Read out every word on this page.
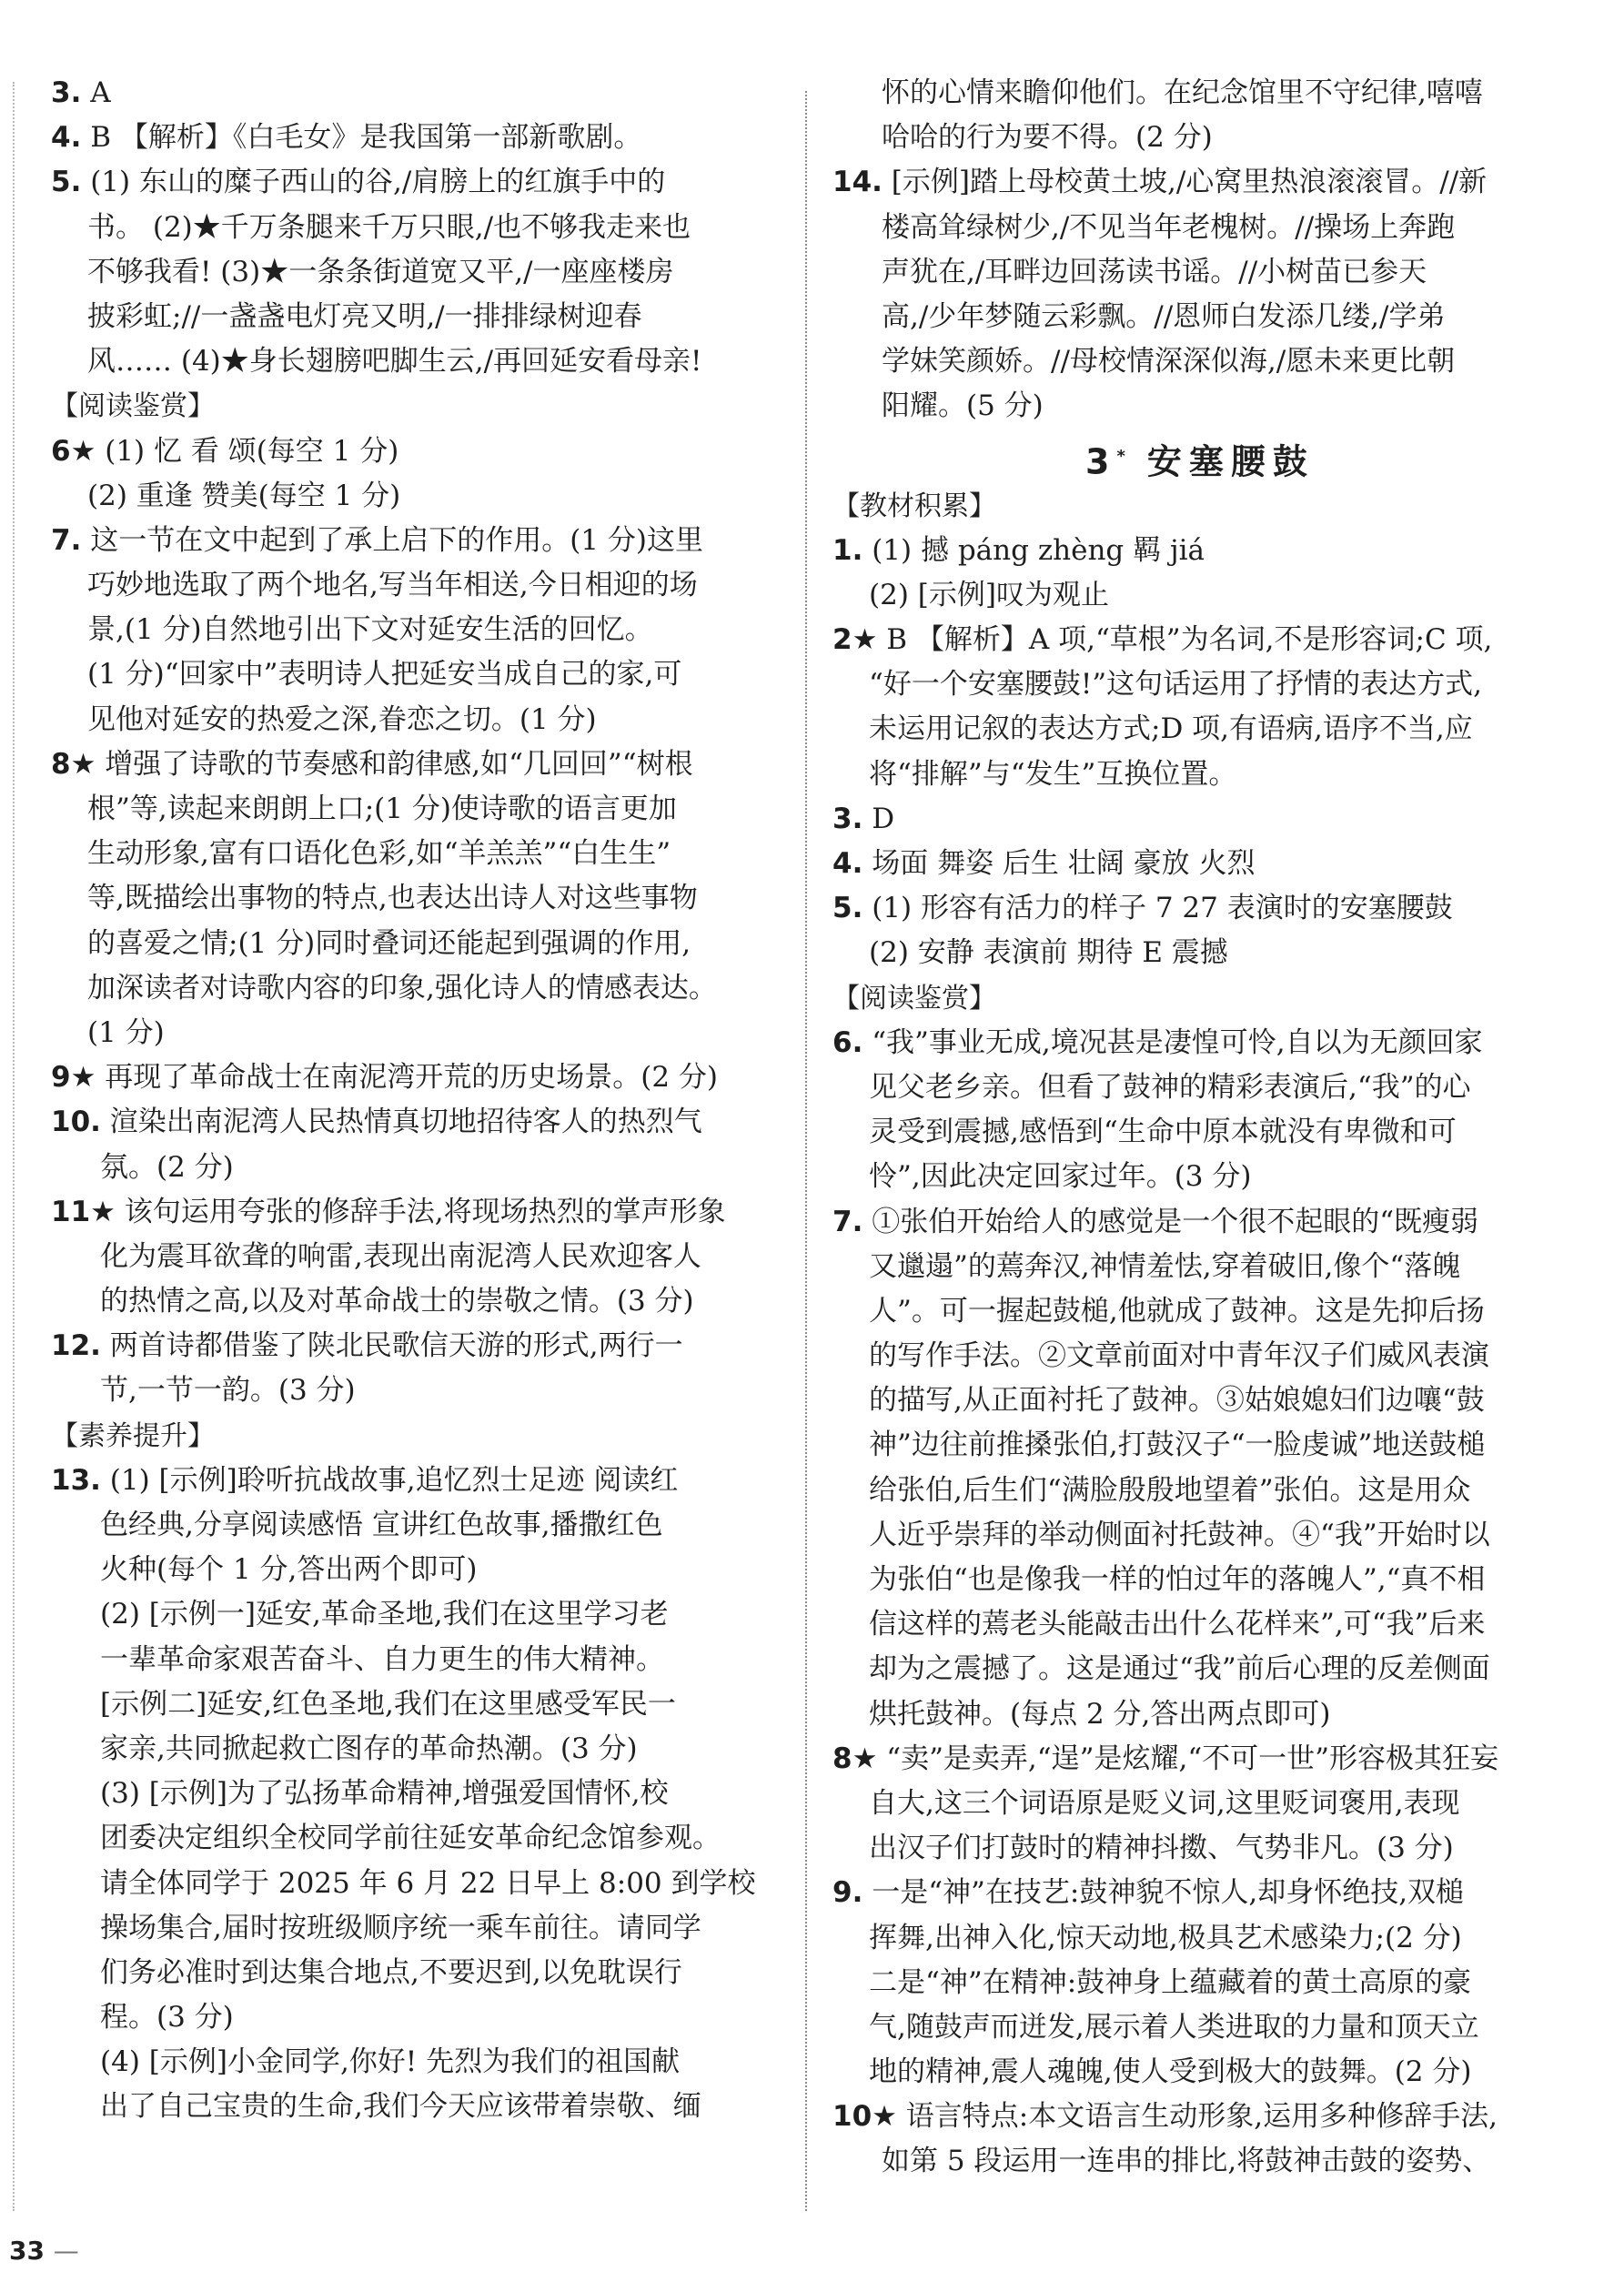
3. A
4. B 【解析】《白毛女》是我国第一部新歌剧。
5. (1) 东山的糜子西山的谷,/肩膀上的红旗手中的
书。 (2)★千万条腿来千万只眼,/也不够我走来也
不够我看! (3)★一条条街道宽又平,/一座座楼房
披彩虹;//一盏盏电灯亮又明,/一排排绿树迎春
风…… (4)★身长翅膀吧脚生云,/再回延安看母亲!
【阅读鉴赏】
6★ (1) 忆 看 颂(每空 1 分)
(2) 重逢 赞美(每空 1 分)
7. 这一节在文中起到了承上启下的作用。(1 分)这里
巧妙地选取了两个地名,写当年相送,今日相迎的场
景,(1 分)自然地引出下文对延安生活的回忆。
(1 分)“回家中”表明诗人把延安当成自己的家,可
见他对延安的热爱之深,眷恋之切。(1 分)
8★ 增强了诗歌的节奏感和韵律感,如“几回回”“树根
根”等,读起来朗朗上口;(1 分)使诗歌的语言更加
生动形象,富有口语化色彩,如“羊羔羔”“白生生”
等,既描绘出事物的特点,也表达出诗人对这些事物
的喜爱之情;(1 分)同时叠词还能起到强调的作用,
加深读者对诗歌内容的印象,强化诗人的情感表达。
(1 分)
9★ 再现了革命战士在南泥湾开荒的历史场景。(2 分)
10. 渲染出南泥湾人民热情真切地招待客人的热烈气
氛。(2 分)
11★ 该句运用夸张的修辞手法,将现场热烈的掌声形象
化为震耳欲聋的响雷,表现出南泥湾人民欢迎客人
的热情之高,以及对革命战士的崇敬之情。(3 分)
12. 两首诗都借鉴了陕北民歌信天游的形式,两行一
节,一节一韵。(3 分)
【素养提升】
13. (1) [示例]聆听抗战故事,追忆烈士足迹 阅读红
色经典,分享阅读感悟 宣讲红色故事,播撒红色
火种(每个 1 分,答出两个即可)
(2) [示例一]延安,革命圣地,我们在这里学习老
一辈革命家艰苦奋斗、自力更生的伟大精神。
[示例二]延安,红色圣地,我们在这里感受军民一
家亲,共同掀起救亡图存的革命热潮。(3 分)
(3) [示例]为了弘扬革命精神,增强爱国情怀,校
团委决定组织全校同学前往延安革命纪念馆参观。
请全体同学于 2025 年 6 月 22 日早上 8:00 到学校
操场集合,届时按班级顺序统一乘车前往。请同学
们务必准时到达集合地点,不要迟到,以免耽误行
程。(3 分)
(4) [示例]小金同学,你好! 先烈为我们的祖国献
出了自己宝贵的生命,我们今天应该带着崇敬、缅
怀的心情来瞻仰他们。在纪念馆里不守纪律,嘻嘻
哈哈的行为要不得。(2 分)
14. [示例]踏上母校黄土坡,/心窝里热浪滚滚冒。//新
楼高耸绿树少,/不见当年老槐树。//操场上奔跑
声犹在,/耳畔边回荡读书谣。//小树苗已参天
高,/少年梦随云彩飘。//恩师白发添几缕,/学弟
学妹笑颜娇。//母校情深深似海,/愿未来更比朝
阳耀。(5 分)
3* 安塞腰鼓
【教材积累】
1. (1) 撼 páng zhèng 羁 jiá
(2) [示例]叹为观止
2★ B 【解析】A 项,“草根”为名词,不是形容词;C 项,
“好一个安塞腰鼓!”这句话运用了抒情的表达方式,
未运用记叙的表达方式;D 项,有语病,语序不当,应
将“排解”与“发生”互换位置。
3. D
4. 场面 舞姿 后生 壮阔 豪放 火烈
5. (1) 形容有活力的样子 7 27 表演时的安塞腰鼓
(2) 安静 表演前 期待 E 震撼
【阅读鉴赏】
6. “我”事业无成,境况甚是凄惶可怜,自以为无颜回家
见父老乡亲。但看了鼓神的精彩表演后,“我”的心
灵受到震撼,感悟到“生命中原本就没有卑微和可
怜”,因此决定回家过年。(3 分)
7. ①张伯开始给人的感觉是一个很不起眼的“既瘦弱
又邋遢”的蔫奔汉,神情羞怯,穿着破旧,像个“落魄
人”。可一握起鼓槌,他就成了鼓神。这是先抑后扬
的写作手法。②文章前面对中青年汉子们威风表演
的描写,从正面衬托了鼓神。③姑娘媳妇们边嚷“鼓
神”边往前推搡张伯,打鼓汉子“一脸虔诚”地送鼓槌
给张伯,后生们“满脸殷殷地望着”张伯。这是用众
人近乎崇拜的举动侧面衬托鼓神。④“我”开始时以
为张伯“也是像我一样的怕过年的落魄人”,“真不相
信这样的蔫老头能敲击出什么花样来”,可“我”后来
却为之震撼了。这是通过“我”前后心理的反差侧面
烘托鼓神。(每点 2 分,答出两点即可)
8★ “卖”是卖弄,“逞”是炫耀,“不可一世”形容极其狂妄
自大,这三个词语原是贬义词,这里贬词褒用,表现
出汉子们打鼓时的精神抖擞、气势非凡。(3 分)
9. 一是“神”在技艺:鼓神貌不惊人,却身怀绝技,双槌
挥舞,出神入化,惊天动地,极具艺术感染力;(2 分)
二是“神”在精神:鼓神身上蕴藏着的黄土高原的豪
气,随鼓声而迸发,展示着人类进取的力量和顶天立
地的精神,震人魂魄,使人受到极大的鼓舞。(2 分)
10★ 语言特点:本文语言生动形象,运用多种修辞手法,
如第 5 段运用一连串的排比,将鼓神击鼓的姿势、
33 —
